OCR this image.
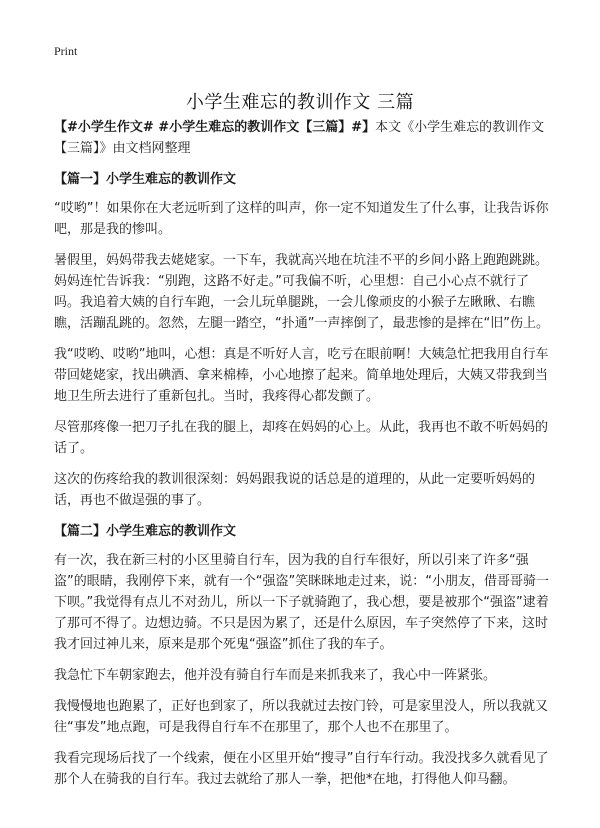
Print
小学生难忘的教训作文 三篇

【#小学生作文# #小学生难忘的教训作文【三篇】#】本文《小学生难忘的教训作文【三篇】》由文档网整理

【篇一】小学生难忘的教训作文

“哎哟”！如果你在大老远听到了这样的叫声，你一定不知道发生了什么事，让我告诉你吧，那是我的惨叫。

暑假里，妈妈带我去姥姥家。一下车，我就高兴地在坑洼不平的乡间小路上跑跑跳跳。妈妈连忙告诉我：“别跑，这路不好走。”可我偏不听，心里想：自己小心点不就行了吗。我追着大姨的自行车跑，一会儿玩单腿跳，一会儿像顽皮的小猴子左瞅瞅、右瞧瞧，活蹦乱跳的。忽然，左腿一踏空，“扑通”一声摔倒了，最悲惨的是摔在“旧”伤上。

我“哎哟、哎哟”地叫，心想：真是不听好人言，吃亏在眼前啊！大姨急忙把我用自行车带回姥姥家，找出碘酒、拿来棉棒，小心地擦了起来。简单地处理后，大姨又带我到当地卫生所去进行了重新包扎。当时，我疼得心都发颤了。

尽管那疼像一把刀子扎在我的腿上，却疼在妈妈的心上。从此，我再也不敢不听妈妈的话了。

这次的伤疼给我的教训很深刻：妈妈跟我说的话总是的道理的，从此一定要听妈妈的话，再也不做逞强的事了。

【篇二】小学生难忘的教训作文

有一次，我在新三村的小区里骑自行车，因为我的自行车很好，所以引来了许多“强盗”的眼睛，我刚停下来，就有一个“强盗”笑眯眯地走过来，说：“小朋友，借哥哥骑一下呗。”我觉得有点儿不对劲儿，所以一下子就骑跑了，我心想，要是被那个“强盗”逮着了那可不得了。边想边骑。不只是因为累了，还是什么原因，车子突然停了下来，这时我才回过神儿来，原来是那个死鬼“强盗”抓住了我的车子。

我急忙下车朝家跑去，他并没有骑自行车而是来抓我来了，我心中一阵紧张。

我慢慢地也跑累了，正好也到家了，所以我就过去按门铃，可是家里没人，所以我就又往“事发”地点跑，可是我得自行车不在那里了，那个人也不在那里了。

我看完现场后找了一个线索，便在小区里开始“搜寻”自行车行动。我没找多久就看见了那个人在骑我的自行车。我过去就给了那人一拳，把他*在地，打得他人仰马翻。
